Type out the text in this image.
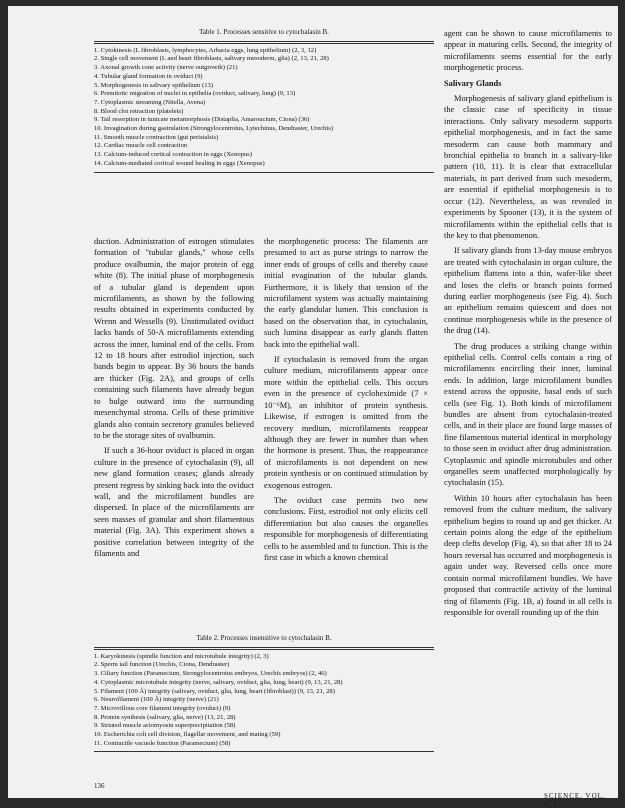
Table 1. Processes sensitive to cytochalasin B.
1. Cytokinesis (L fibroblasts, lymphocytes, Arbacia eggs, lung epithelium) (2, 3, 12)
2. Single cell movement (L and heart fibroblasts, salivary mesoderm, glia) (2, 13, 21, 28)
3. Axonal growth cone activity (nerve outgrowth) (21)
4. Tubular gland formation in oviduct (9)
5. Morphogenesis in salivary epithelium (13)
6. Premitotic migration of nuclei in epithelia (oviduct, salivary, lung) (9, 13)
7. Cytoplasmic streaming (Nitella, Avena)
8. Blood clot retraction (platelets)
9. Tail resorption in tunicate metamorphosis (Distaplia, Amaroucium, Ciona) (36)
10. Invagination during gastrulation (Strongylocentrotus, Lytechinus, Dendraster, Urechis)
11. Smooth muscle contraction (gut peristalsis)
12. Cardiac muscle cell contraction
13. Calcium-induced cortical contraction in eggs (Xenopus)
14. Calcium-mediated cortical wound healing in eggs (Xenopus)

duction. Administration of estrogen stimulates formation of "tubular glands," whose cells produce ovalbumin, the major protein of egg white (8). The initial phase of morphogenesis of a tubular gland is dependent upon microfilaments, as shown by the following results obtained in experiments conducted by Wrenn and Wessells (9). Unstimulated oviduct lacks bands of 50-A microfilaments extending across the inner, luminal end of the cells. From 12 to 18 hours after estrodiol injection, such bands begin to appear. By 36 hours the bands are thicker (Fig. 2A), and groups of cells containing such filaments have already begun to bulge outward into the surrounding mesenchymal stroma. Cells of these primitive glands also contain secretory granules believed to be the storage sites of ovalbumin.

If such a 36-hour oviduct is placed in organ culture in the presence of cytochalasin (9), all new gland formation ceases; glands already present regress by sinking back into the oviduct wall, and the microfilament bundles are dispersed. In place of the microfilaments are seen masses of granular and short filamentous material (Fig. 3A). This experiment shows a positive correlation between integrity of the filaments and

the morphogenetic process: The filaments are presumed to act as purse strings to narrow the inner ends of groups of cells and thereby cause initial evagination of the tubular glands. Furthermore, it is likely that tension of the microfilament system was actually maintaining the early glandular lumen. This conclusion is based on the observation that, in cytochalasin, such lumina disappear as early glands flatten back into the epithelial wall.

If cytochalasin is removed from the organ culture medium, microfilaments appear once more within the epithelial cells. This occurs even in the presence of cycloheximide (7 × 10⁻⁶M), an inhibitor of protein synthesis. Likewise, if estrogen is omitted from the recovery medium, microfilaments reappear although they are fewer in number than when the hormone is present. Thus, the reappearance of microfilaments is not dependent on new protein synthesis or on continued stimulation by exogenous estrogen.

The oviduct case permits two new conclusions. First, estrodiol not only elicits cell differentiation but also causes the organelles responsible for morphogenesis of differentiating cells to be assembled and to function. This is the first case in which a known chemical

agent can be shown to cause microfilaments to appear in maturing cells. Second, the integrity of microfilaments seems essential for the early morphogenetic process.

Salivary Glands

Morphogenesis of salivary gland epithelium is the classic case of specificity in tissue interactions. Only salivary mesoderm supports epithelial morphogenesis, and in fact the same mesoderm can cause both mammary and bronchial epithelia to branch in a salivary-like pattern (10, 11). It is clear that extracellular materials, in part derived from such mesoderm, are essential if epithelial morphogenesis is to occur (12). Nevertheless, as was revealed in experiments by Spooner (13), it is the system of microfilaments within the epithelial cells that is the key to that phenomenon.

If salivary glands from 13-day mouse embryos are treated with cytochalasin in organ culture, the epithelium flattens into a thin, wafer-like sheet and loses the clefts or branch points formed during earlier morphogenesis (see Fig. 4). Such an epithelium remains quiescent and does not continue morphogenesis while in the presence of the drug (14).

The drug produces a striking change within epithelial cells. Control cells contain a ring of microfilaments encircling their inner, luminal ends. In addition, large microfilament bundles extend across the opposite, basal ends of such cells (see Fig. 1). Both kinds of microfilament bundles are absent from cytochalasin-treated cells, and in their place are found large masses of fine filamentous material identical in morphology to those seen in oviduct after drug administration. Cytoplasmic and spindle microtubules and other organelles seem unaffected morphologically by cytochalasin (15).

Within 10 hours after cytochalasin has been removed from the culture medium, the salivary epithelium begins to round up and get thicker. At certain points along the edge of the epithelium deep clefts develop (Fig. 4), so that after 18 to 24 hours reversal has occurred and morphogenesis is again under way. Reversed cells once more contain normal microfilament bundles. We have proposed that contractile activity of the luminal ring of filaments (Fig. 1B, a) found in all cells is responsible for overall rounding up of the thin

Table 2. Processes insensitive to cytochalasin B.
1. Karyokinesis (spindle function and microtubule integrity) (2, 3)
2. Sperm tail function (Urechis, Ciona, Dendraster)
3. Ciliary function (Paramecium, Strongylocentrotus embryos, Urechis embryos) (2, 46)
4. Cytoplasmic microtubule integrity (nerve, salivary, oviduct, glia, lung, heart) (9, 13, 21, 28)
5. Filament (100 Å) integrity (salivary, oviduct, glia, lung, heart (fibroblast)) (9, 13, 21, 28)
6. Neurofilament (100 Å) integrity (nerve) (21)
7. Microvillous core filament integrity (oviduct) (9)
8. Protein synthesis (salivary, glia, nerve) (13, 21, 28)
9. Striated muscle actomyosin superprecipitation (58)
10. Escherichia coli cell division, flagellar movement, and mating (59)
11. Contractile vacuole function (Paramecium) (58)
136
SCIENCE, VOL. 171
